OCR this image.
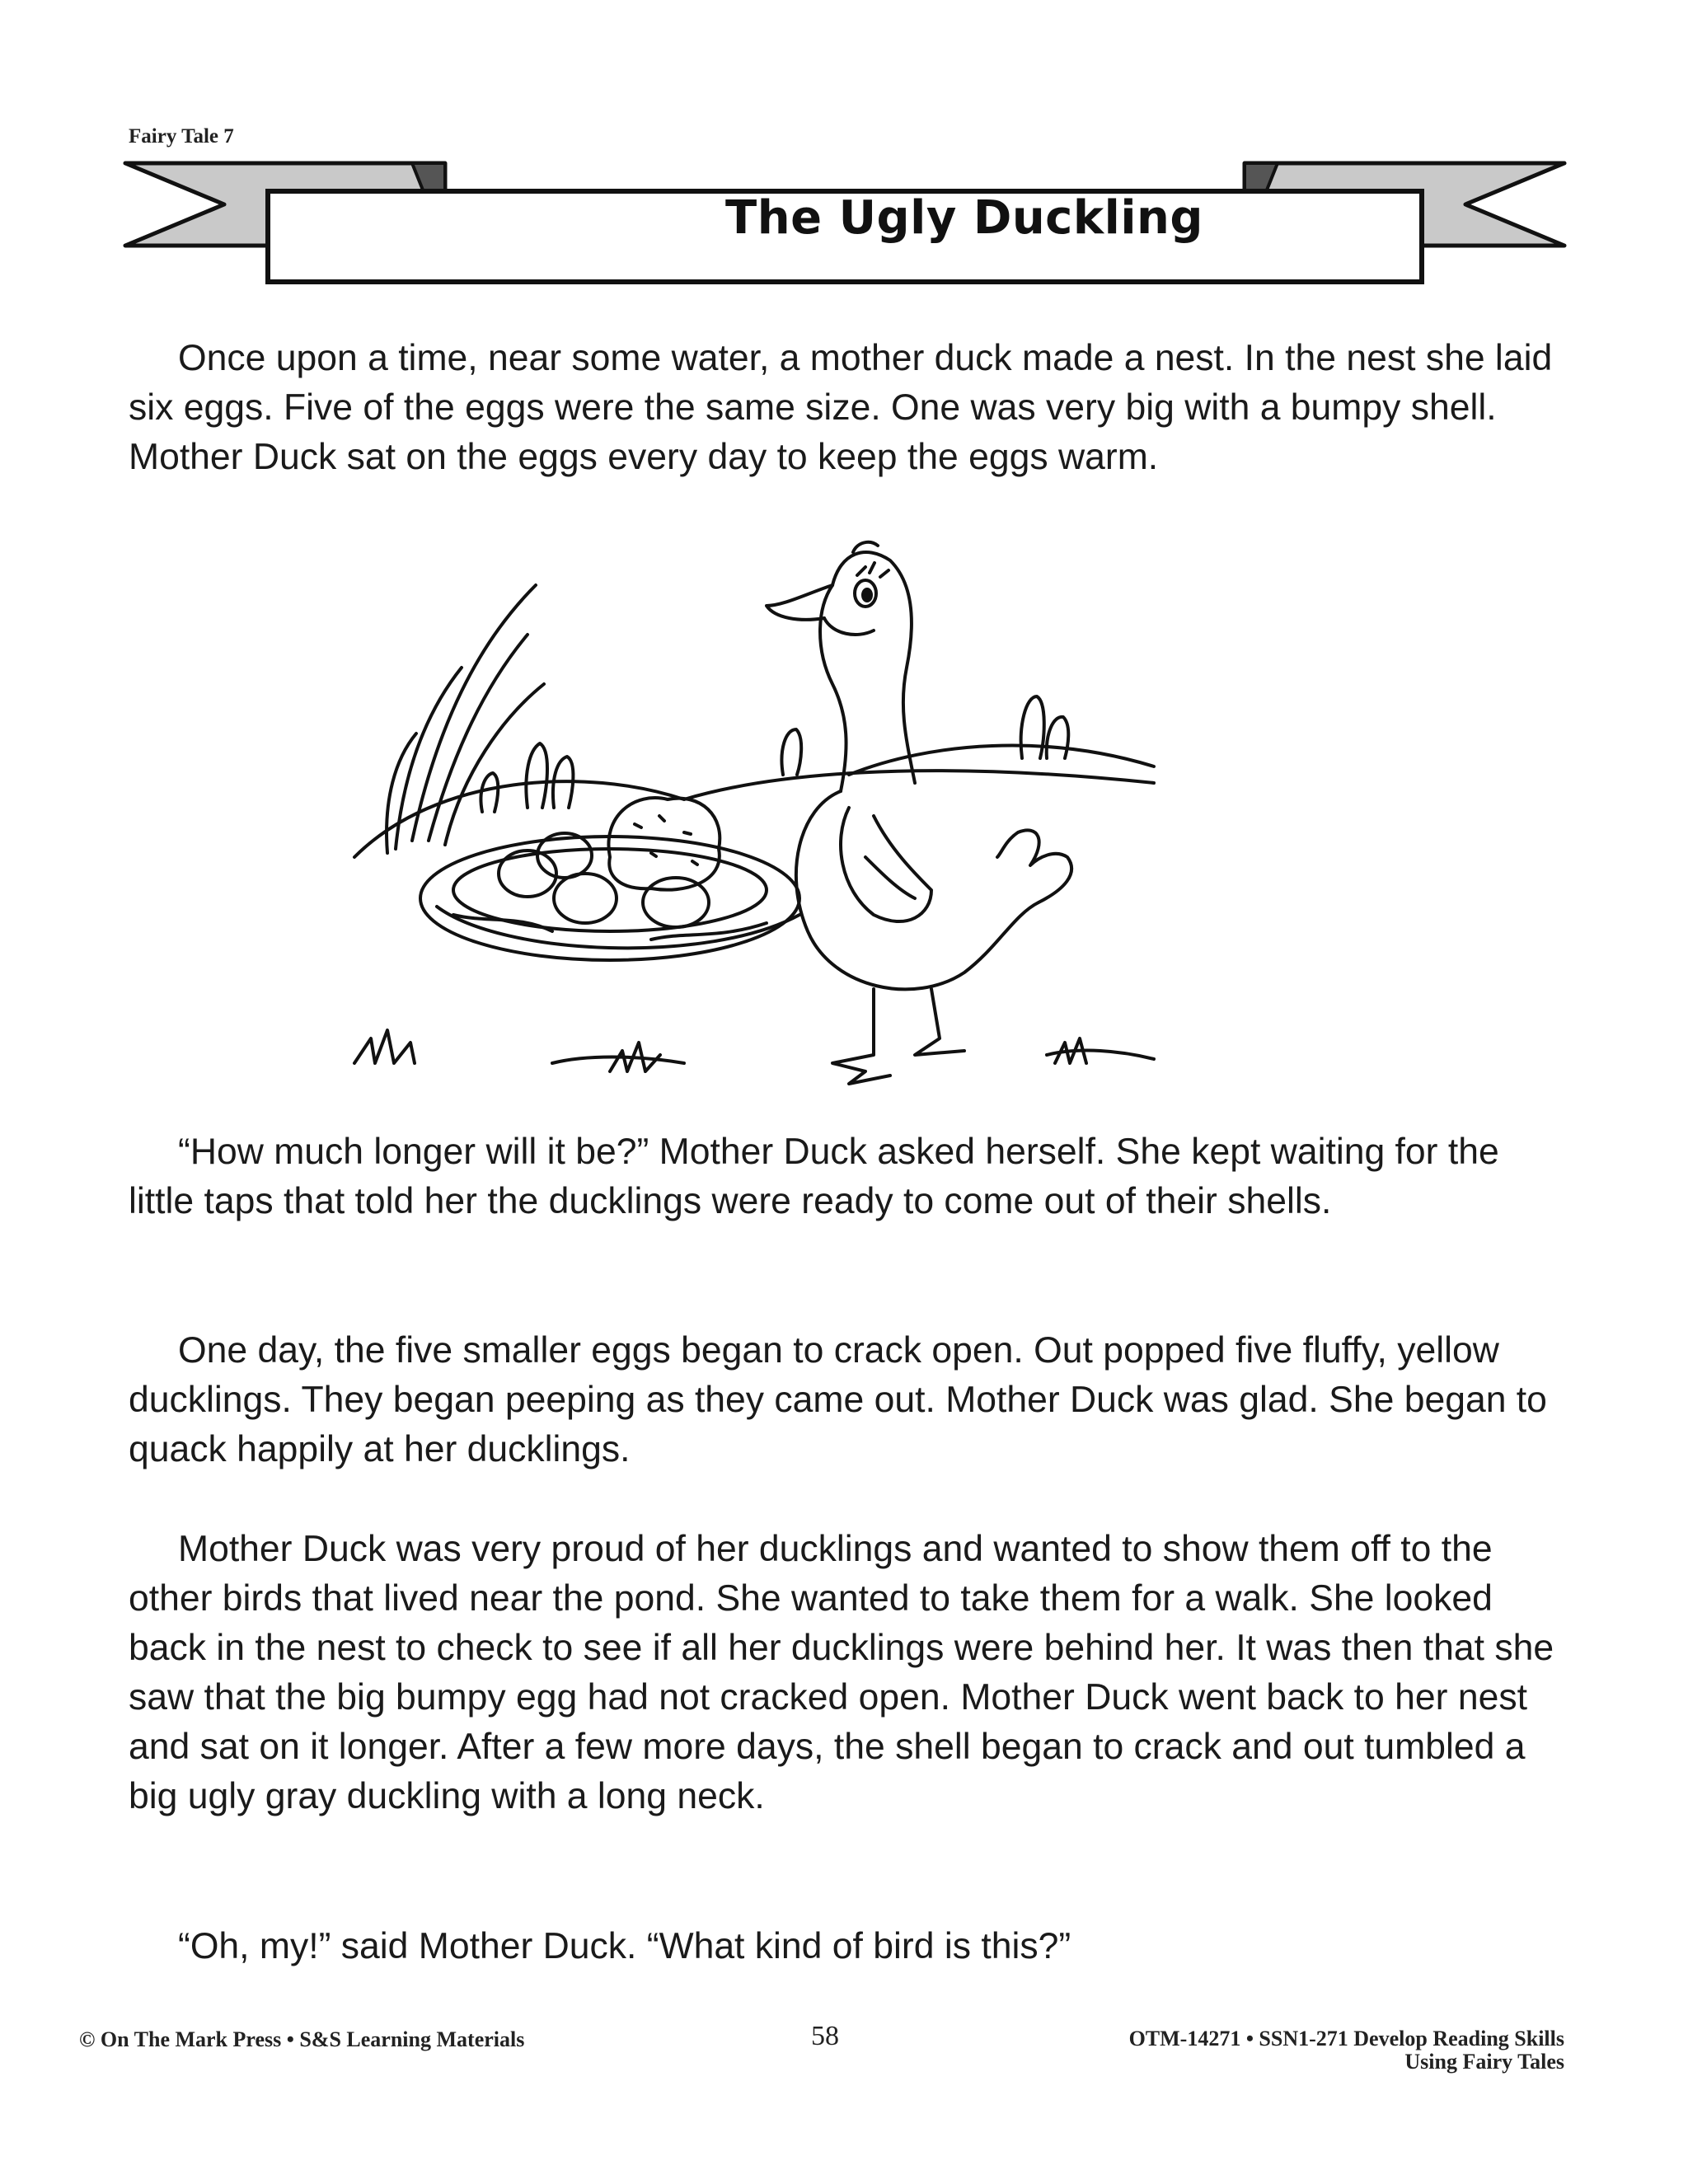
Fairy Tale 7
The Ugly Duckling

Once upon a time, near some water, a mother duck made a nest. In the nest she laid six eggs. Five of the eggs were the same size. One was very big with a bumpy shell. Mother Duck sat on the eggs every day to keep the eggs warm.

“How much longer will it be?” Mother Duck asked herself. She kept waiting for the little taps that told her the ducklings were ready to come out of their shells.

One day, the five smaller eggs began to crack open. Out popped five fluffy, yellow ducklings. They began peeping as they came out. Mother Duck was glad. She began to quack happily at her ducklings.

Mother Duck was very proud of her ducklings and wanted to show them off to the other birds that lived near the pond. She wanted to take them for a walk. She looked back in the nest to check to see if all her ducklings were behind her. It was then that she saw that the big bumpy egg had not cracked open. Mother Duck went back to her nest and sat on it longer. After a few more days, the shell began to crack and out tumbled a big ugly gray duckling with a long neck.

“Oh, my!” said Mother Duck. “What kind of bird is this?”

© On The Mark Press • S&S Learning Materials	58	OTM-14271 • SSN1-271 Develop Reading Skills
Using Fairy Tales
